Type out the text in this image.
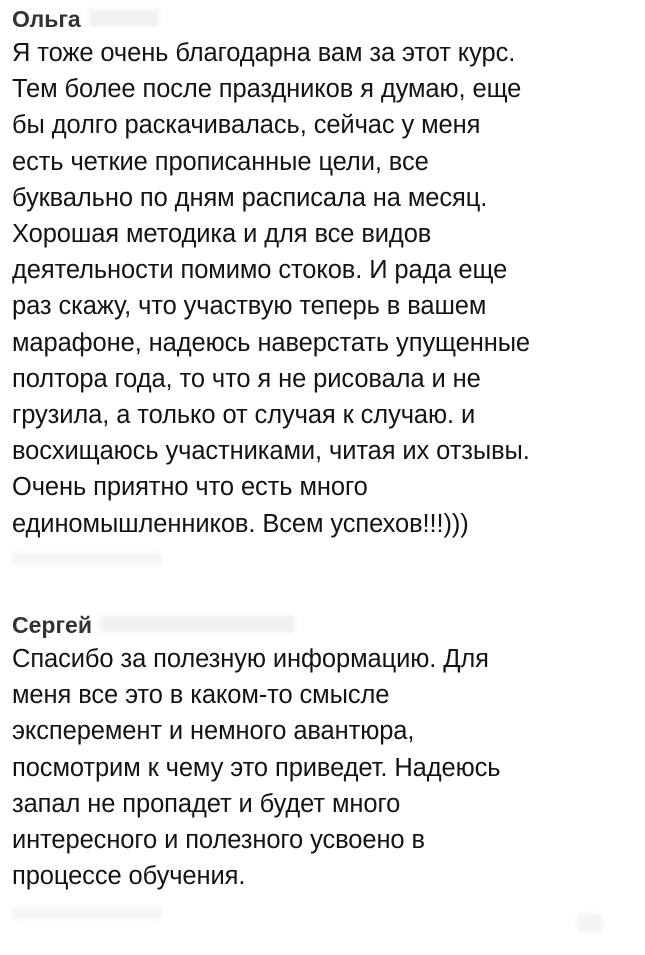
Ольга
Я тоже очень благодарна вам за этот курс.
Тем более после праздников я думаю, еще
бы долго раскачивалась, сейчас у меня
есть четкие прописанные цели, все
буквально по дням расписала на месяц.
Хорошая методика и для все видов
деятельности помимо стоков. И рада еще
раз скажу, что участвую теперь в вашем
марафоне, надеюсь наверстать упущенные
полтора года, то что я не рисовала и не
грузила, а только от случая к случаю. и
восхищаюсь участниками, читая их отзывы.
Очень приятно что есть много
единомышленников. Всем успехов!!!)))
Сергей
Спасибо за полезную информацию. Для
меня все это в каком-то смысле
эксперемент и немного авантюра,
посмотрим к чему это приведет. Надеюсь
запал не пропадет и будет много
интересного и полезного усвоено в
процессе обучения.
